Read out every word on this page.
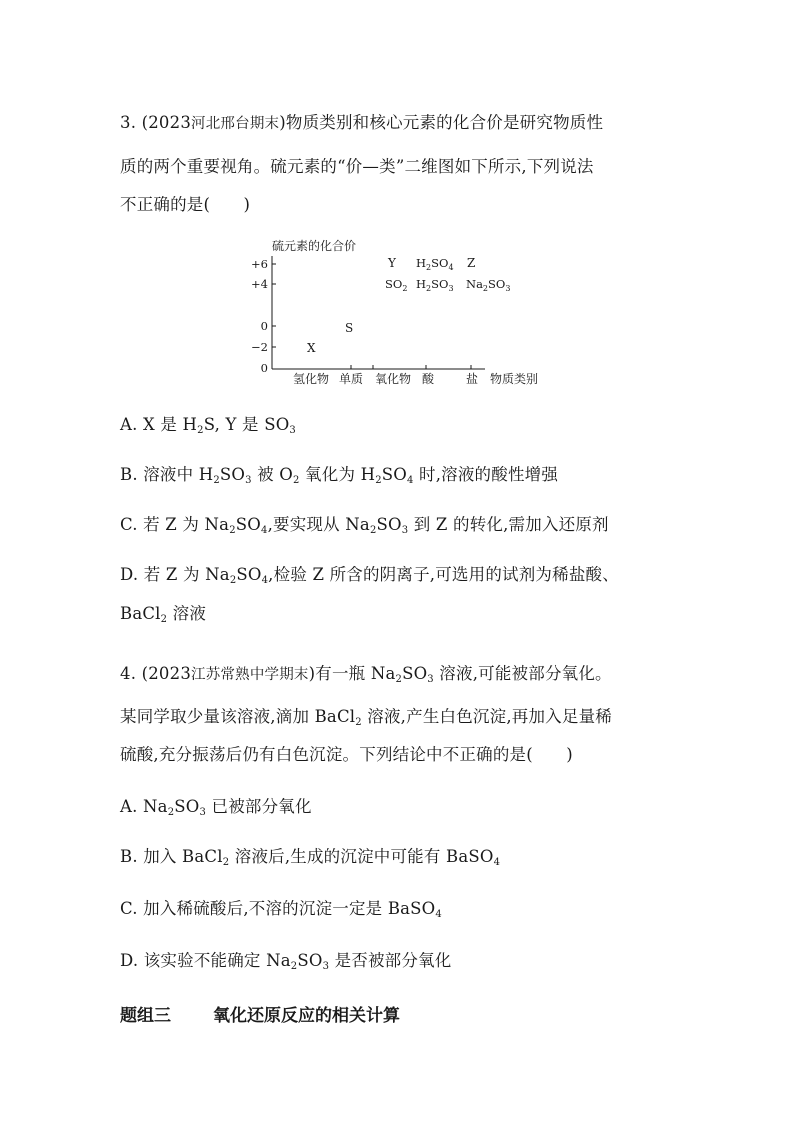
3. (2023河北邢台期末)物质类别和核心元素的化合价是研究物质性
质的两个重要视角。硫元素的“价—类”二维图如下所示,下列说法
不正确的是(　　)
硫元素的化合价
+6
+4
0
−2
0
氢化物 单质 氧化物 酸	盐 物质类别
X
S
Y
$SO_2$
$H_2SO_4$
$H_2SO_3$
Z
$Na_2SO_3$
A. X 是 $H_2S$, Y 是 $SO_3$
B. 溶液中 $H_2SO_3$ 被 $O_2$ 氧化为 $H_2SO_4$ 时,溶液的酸性增强
C. 若 Z 为 $Na_2SO_4$,要实现从 $Na_2SO_3$ 到 Z 的转化,需加入还原剂
D. 若 Z 为 $Na_2SO_4$,检验 Z 所含的阴离子,可选用的试剂为稀盐酸、
BaCl$_2$ 溶液
4. (2023江苏常熟中学期末)有一瓶 $Na_2SO_3$ 溶液,可能被部分氧化。
某同学取少量该溶液,滴加 BaCl$_2$ 溶液,产生白色沉淀,再加入足量稀
硫酸,充分振荡后仍有白色沉淀。下列结论中不正确的是(　　)
A. $Na_2SO_3$ 已被部分氧化
B. 加入 BaCl$_2$ 溶液后,生成的沉淀中可能有 BaSO$_4$
C. 加入稀硫酸后,不溶的沉淀一定是 BaSO$_4$
D. 该实验不能确定 $Na_2SO_3$ 是否被部分氧化
题组三 氧化还原反应的相关计算
